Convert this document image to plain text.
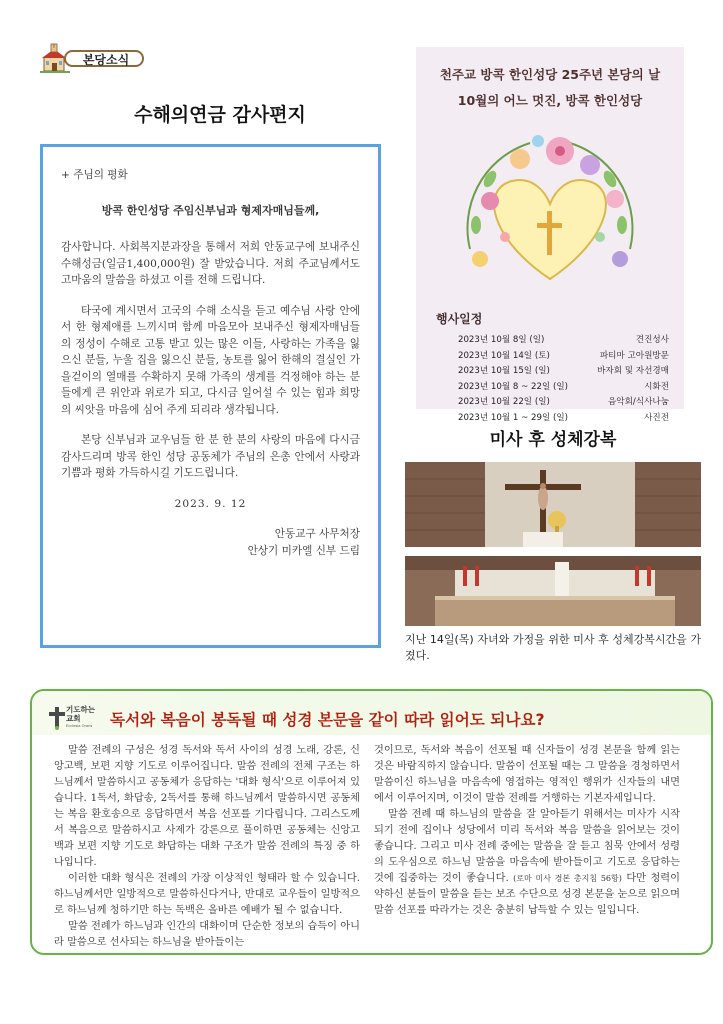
본당소식
수해의연금 감사편지

+ 주님의 평화

방콕 한인성당 주임신부님과 형제자매님들께,

감사합니다. 사회복지분과장을 통해서 저희 안동교구에 보내주신 수해성금(일금1,400,000원) 잘 받았습니다. 저희 주교님께서도 고마움의 말씀을 하셨고 이를 전해 드립니다.

타국에 계시면서 고국의 수해 소식을 듣고 예수님 사랑 안에서 한 형제애를 느끼시며 함께 마음모아 보내주신 형제자매님들의 정성이 수해로 고통 받고 있는 많은 이들, 사랑하는 가족을 잃으신 분들, 누울 집을 잃으신 분들, 농토를 잃어 한해의 결실인 가을걷이의 열매를 수확하지 못해 가족의 생계를 걱정해야 하는 분들에게 큰 위안과 위로가 되고, 다시금 일어설 수 있는 힘과 희망의 씨앗을 마음에 심어 주게 되리라 생각됩니다.

본당 신부님과 교우님들 한 분 한 분의 사랑의 마음에 다시금 감사드리며 방콕 한인 성당 공동체가 주님의 은총 안에서 사랑과 기쁨과 평화 가득하시길 기도드립니다.

2023. 9. 12

안동교구 사무처장

안상기 미카엘 신부 드림

천주교 방콕 한인성당 25주년 본당의 날
10월의 어느 멋진, 방콕 한인성당
행사일정
2023년 10월 8일 (일)	견진성사
2023년 10월 14일 (토)	파티마 고아원방문
2023년 10월 15일 (일)	바자회 및 자선경매
2023년 10월 8 ~ 22일 (일)	시화전
2023년 10월 22일 (일)	음악회/식사나눔
2023년 10월 1 ~ 29일 (일)	사진전
미사 후 성체강복
지난 14일(목) 자녀와 가정을 위한 미사 후 성체강복시간을 가졌다.
기도하는
교회
Ecclesia Orans 독서와 복음이 봉독될 때 성경 본문을 같이 따라 읽어도 되나요?

말씀 전례의 구성은 성경 독서와 독서 사이의 성경 노래, 강론, 신앙고백, 보편 지향 기도로 이루어집니다. 말씀 전례의 전체 구조는 하느님께서 말씀하시고 공동체가 응답하는 '대화 형식'으로 이루어져 있습니다. 1독서, 화답송, 2독서를 통해 하느님께서 말씀하시면 공동체는 복음 환호송으로 응답하면서 복음 선포를 기다립니다. 그리스도께서 복음으로 말씀하시고 사제가 강론으로 풀이하면 공동체는 신앙고백과 보편 지향 기도로 화답하는 대화 구조가 말씀 전례의 특징 중 하나입니다.

이러한 대화 형식은 전례의 가장 이상적인 형태라 할 수 있습니다. 하느님께서만 일방적으로 말씀하신다거나, 반대로 교우들이 일방적으로 하느님께 청하기만 하는 독백은 올바른 예배가 될 수 없습니다.

말씀 전례가 하느님과 인간의 대화이며 단순한 정보의 습득이 아니라 말씀으로 선사되는 하느님을 받아들이는

것이므로, 독서와 복음이 선포될 때 신자들이 성경 본문을 함께 읽는 것은 바람직하지 않습니다. 말씀이 선포될 때는 그 말씀을 경청하면서 말씀이신 하느님을 마음속에 영접하는 영적인 행위가 신자들의 내면에서 이루어지며, 이것이 말씀 전례를 거행하는 기본자세입니다.

말씀 전례 때 하느님의 말씀을 잘 알아듣기 위해서는 미사가 시작되기 전에 집이나 성당에서 미리 독서와 복음 말씀을 읽어보는 것이 좋습니다. 그리고 미사 전례 중에는 말씀을 잘 듣고 침묵 안에서 성령의 도우심으로 하느님 말씀을 마음속에 받아들이고 기도로 응답하는 것에 집중하는 것이 좋습니다. (로마 미사 경본 총지침 56항) 다만 청력이 약하신 분들이 말씀을 듣는 보조 수단으로 성경 본문을 눈으로 읽으며 말씀 선포를 따라가는 것은 충분히 납득할 수 있는 일입니다.
